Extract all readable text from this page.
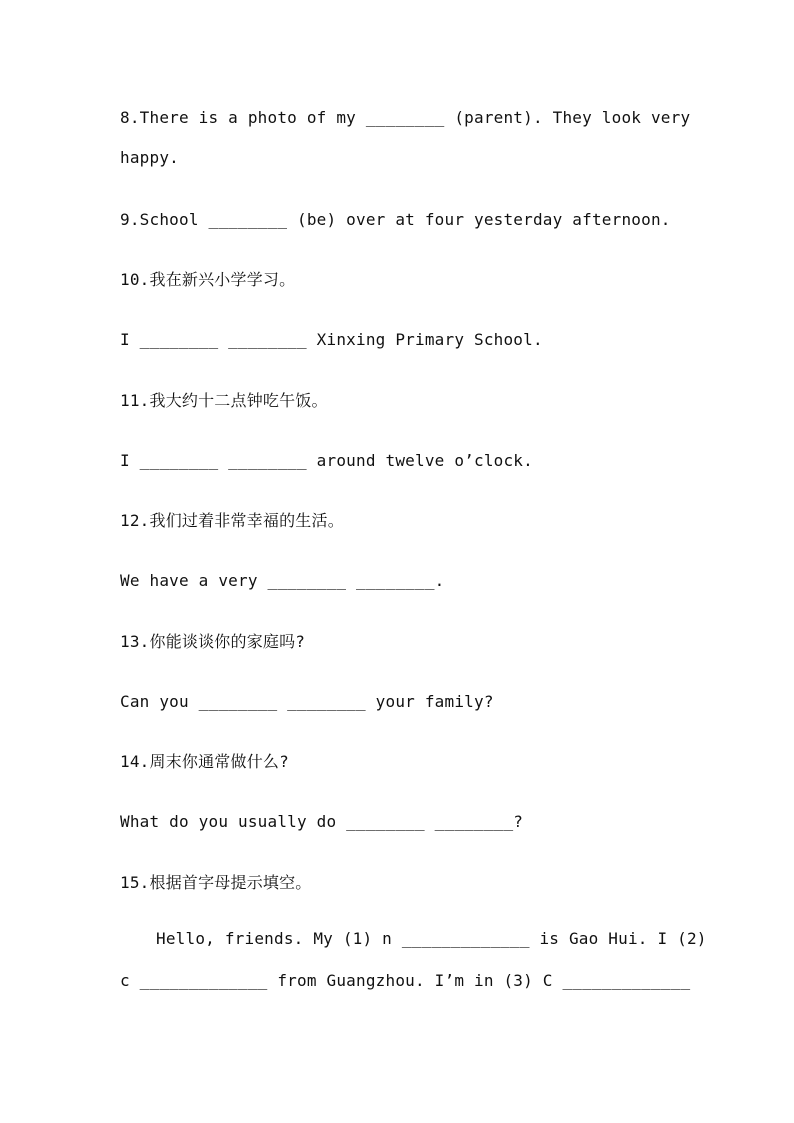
8.There is a photo of my ________ (parent). They look very
happy.
9.School ________ (be) over at four yesterday afternoon.
10.我在新兴小学学习。
I ________ ________ Xinxing Primary School.
11.我大约十二点钟吃午饭。
I ________ ________ around twelve o’clock.
12.我们过着非常幸福的生活。
We have a very ________ ________.
13.你能谈谈你的家庭吗?
Can you ________ ________ your family?
14.周末你通常做什么?
What do you usually do ________ ________?
15.根据首字母提示填空。
Hello, friends. My (1) n _____________ is Gao Hui. I (2)
c _____________ from Guangzhou. I’m in (3) C _____________
